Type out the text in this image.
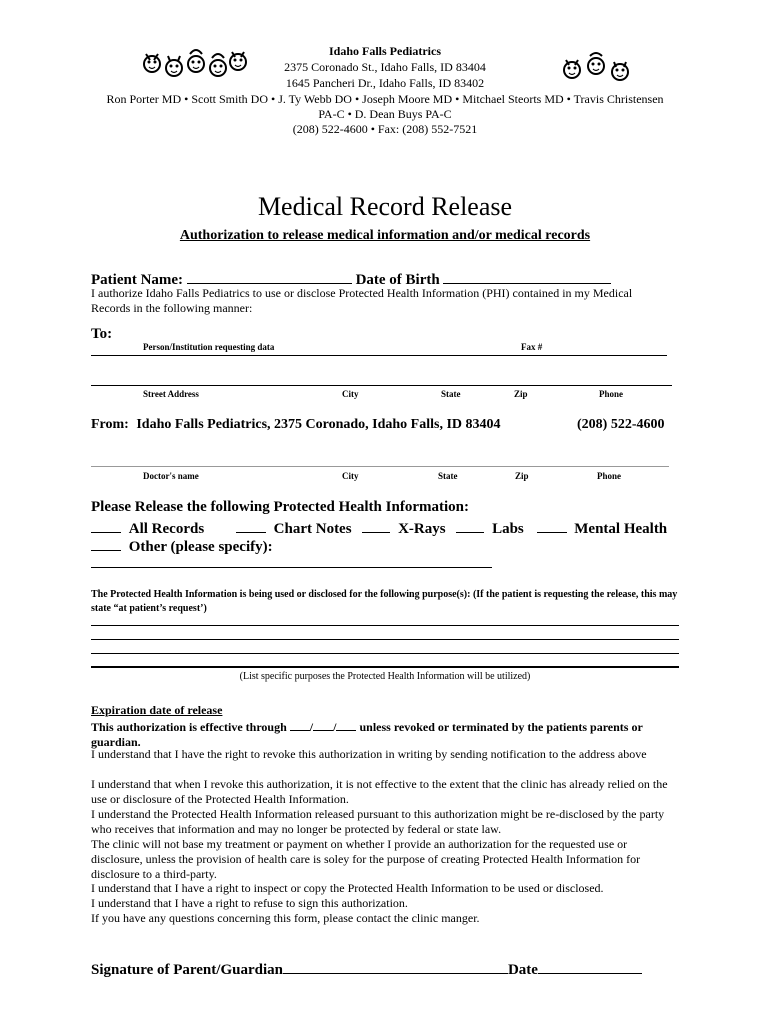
Idaho Falls Pediatrics
2375 Coronado St., Idaho Falls, ID 83404
1645 Pancheri Dr., Idaho Falls, ID 83402
Ron Porter MD • Scott Smith DO • J. Ty Webb DO • Joseph Moore MD • Mitchael Steorts MD • Travis Christensen
PA-C • D. Dean Buys PA-C
(208) 522-4600 • Fax: (208) 552-7521
Medical Record Release
Authorization to release medical information and/or medical records
Patient Name:	Date of Birth
I authorize Idaho Falls Pediatrics to use or disclose Protected Health Information (PHI) contained in my Medical Records in the following manner:
To:
Person/Institution requesting data	Fax #
Street Address	City	State	Zip	Phone
From: Idaho Falls Pediatrics, 2375 Coronado, Idaho Falls, ID 83404	(208) 522-4600
Doctor's name	City	State	Zip	Phone
Please Release the following Protected Health Information:
All Records	Chart Notes	X-Rays	Labs	Mental Health
Other (please specify):
The Protected Health Information is being used or disclosed for the following purpose(s): (If the patient is requesting the release, this may state “at patient’s request’)
(List specific purposes the Protected Health Information will be utilized)
Expiration date of release
This authorization is effective through / / unless revoked or terminated by the patients parents or guardian.
I understand that I have the right to revoke this authorization in writing by sending notification to the address above
I understand that when I revoke this authorization, it is not effective to the extent that the clinic has already relied on the use or disclosure of the Protected Health Information.
I understand the Protected Health Information released pursuant to this authorization might be re-disclosed by the party who receives that information and may no longer be protected by federal or state law.
The clinic will not base my treatment or payment on whether I provide an authorization for the requested use or disclosure, unless the provision of health care is soley for the purpose of creating Protected Health Information for disclosure to a third-party.
I understand that I have a right to inspect or copy the Protected Health Information to be used or disclosed.
I understand that I have a right to refuse to sign this authorization.
If you have any questions concerning this form, please contact the clinic manger.
Signature of Parent/Guardian	Date
